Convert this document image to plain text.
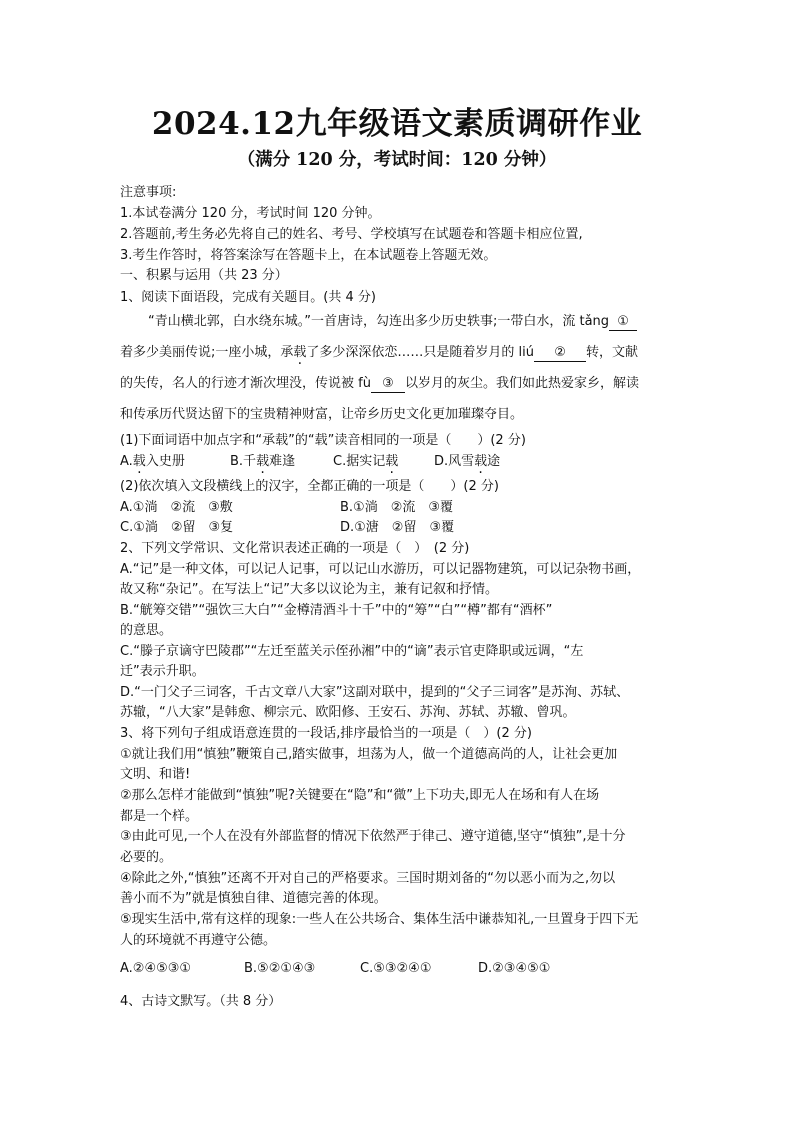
2024.12九年级语文素质调研作业
（满分 120 分，考试时间：120 分钟）
注意事项:
1.本试卷满分 120 分，考试时间 120 分钟。
2.答题前,考生务必先将自己的姓名、考号、学校填写在试题卷和答题卡相应位置,
3.考生作答时，将答案涂写在答题卡上，在本试题卷上答题无效。
一、积累与运用（共 23 分）
1、阅读下面语段，完成有关题目。(共 4 分)
“青山横北郭，白水绕东城。”一首唐诗，勾连出多少历史轶事;一带白水，流 tǎng ①
着多少美丽传说;一座小城，承载了多少深深依恋……只是随着岁月的 liú ② 转，文献
的失传，名人的行迹才渐次埋没，传说被 fù ③ 以岁月的灰尘。我们如此热爱家乡，解读
和传承历代贤达留下的宝贵精神财富，让帝乡历史文化更加璀璨夺目。
(1)下面词语中加点字和“承载”的“载”读音相同的一项是（　　）(2 分)
A.载入史册	B.千载难逢	C.据实记载	D.风雪载途
(2)依次填入文段横线上的汉字，全都正确的一项是（　　）(2 分)
A.①淌　②流　③敷	B.①淌　②流　③覆
C.①淌　②留　③复	D.①溏　②留　③覆
2、下列文学常识、文化常识表述正确的一项是（　）　(2 分)
A.“记”是一种文体，可以记人记事，可以记山水游历，可以记器物建筑，可以记杂物书画，
故又称“杂记”。在写法上“记”大多以议论为主，兼有记叙和抒情。
B.“觥筹交错”“强饮三大白”“金樽清酒斗十千”中的“筹”“白”“樽”都有“酒杯”
的意思。
C.“滕子京谪守巴陵郡”“左迁至蓝关示侄孙湘”中的“谪”表示官吏降职或远调，“左
迁”表示升职。
D.“一门父子三词客，千古文章八大家”这副对联中，提到的“父子三词客”是苏洵、苏轼、
苏辙，“八大家”是韩愈、柳宗元、欧阳修、王安石、苏洵、苏轼、苏辙、曾巩。
3、将下列句子组成语意连贯的一段话,排序最恰当的一项是（　）(2 分)
①就让我们用“慎独”鞭策自己,踏实做事，坦荡为人，做一个道德高尚的人，让社会更加
文明、和谐!
②那么怎样才能做到“慎独”呢?关键要在“隐”和“微”上下功夫,即无人在场和有人在场
都是一个样。
③由此可见,一个人在没有外部监督的情况下依然严于律己、遵守道德,坚守“慎独”,是十分
必要的。
④除此之外,“慎独”还离不开对自己的严格要求。三国时期刘备的“勿以恶小而为之,勿以
善小而不为”就是慎独自律、道德完善的体现。
⑤现实生活中,常有这样的现象:一些人在公共场合、集体生活中谦恭知礼,一旦置身于四下无
人的环境就不再遵守公德。
A.②④⑤③①	B.⑤②①④③	C.⑤③②④①	D.②③④⑤①
4、古诗文默写。（共 8 分）
